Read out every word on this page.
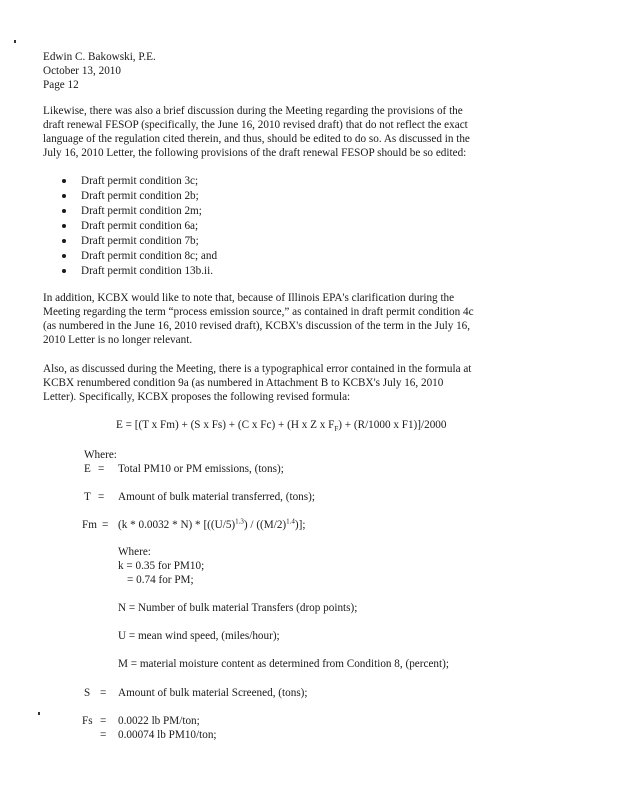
Edwin C. Bakowski, P.E.
October 13, 2010
Page 12
Likewise, there was also a brief discussion during the Meeting regarding the provisions of the
draft renewal FESOP (specifically, the June 16, 2010 revised draft) that do not reflect the exact
language of the regulation cited therein, and thus, should be edited to do so. As discussed in the
July 16, 2010 Letter, the following provisions of the draft renewal FESOP should be so edited:
Draft permit condition 3c;
Draft permit condition 2b;
Draft permit condition 2m;
Draft permit condition 6a;
Draft permit condition 7b;
Draft permit condition 8c; and
Draft permit condition 13b.ii.
In addition, KCBX would like to note that, because of Illinois EPA's clarification during the
Meeting regarding the term “process emission source,” as contained in draft permit condition 4c
(as numbered in the June 16, 2010 revised draft), KCBX's discussion of the term in the July 16,
2010 Letter is no longer relevant.
Also, as discussed during the Meeting, there is a typographical error contained in the formula at
KCBX renumbered condition 9a (as numbered in Attachment B to KCBX's July 16, 2010
Letter). Specifically, KCBX proposes the following revised formula:
E = [(T x Fm) + (S x Fs) + (C x Fc) + (H x Z x $F_F) + (R/1000$ x F1)]/2000
Where:
E = Total PM10 or PM emissions, (tons);
T = Amount of bulk material transferred, (tons);
$Fm = (k * 0.0032 * N) * [((U/5)^{1.3}) / ((M/2)^{1.4})]$;
Where:
k = 0.35 for PM10;
= 0.74 for PM;
N = Number of bulk material Transfers (drop points);
U = mean wind speed, (miles/hour);
M = material moisture content as determined from Condition 8, (percent);
S = Amount of bulk material Screened, (tons);
Fs = 0.0022 lb PM/ton;
= 0.00074 lb PM10/ton;
